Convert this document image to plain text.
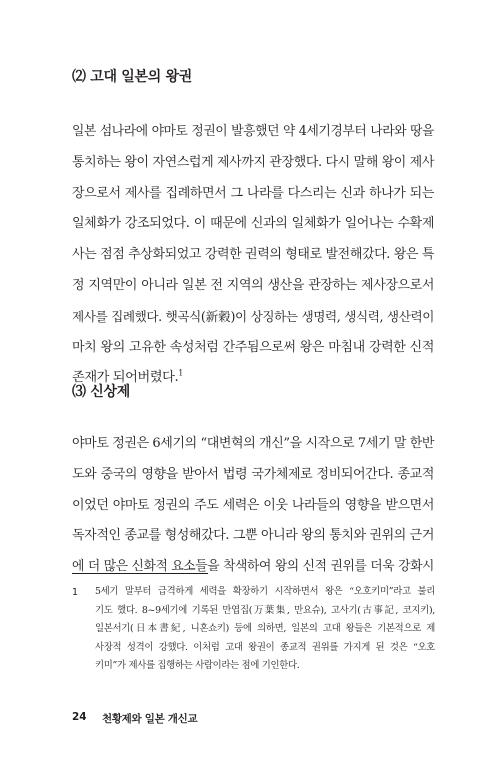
⑵ 고대 일본의 왕권
일본 섬나라에 야마토 정권이 발흥했던 약 4세기경부터 나라와 땅을
통치하는 왕이 자연스럽게 제사까지 관장했다. 다시 말해 왕이 제사
장으로서 제사를 집례하면서 그 나라를 다스리는 신과 하나가 되는
일체화가 강조되었다. 이 때문에 신과의 일체화가 일어나는 수확제
사는 점점 추상화되었고 강력한 권력의 형태로 발전해갔다. 왕은 특
정 지역만이 아니라 일본 전 지역의 생산을 관장하는 제사장으로서
제사를 집례했다. 햇곡식(新穀)이 상징하는 생명력, 생식력, 생산력이
마치 왕의 고유한 속성처럼 간주됨으로써 왕은 마침내 강력한 신적
존재가 되어버렸다.$^1$
⑶ 신상제
야마토 정권은 6세기의 “대변혁의 개신”을 시작으로 7세기 말 한반
도와 중국의 영향을 받아서 법령 국가체제로 정비되어간다. 종교적
이었던 야마토 정권의 주도 세력은 이웃 나라들의 영향을 받으면서
독자적인 종교를 형성해갔다. 그뿐 아니라 왕의 통치와 권위의 근거
에 더 많은 신화적 요소들을 착색하여 왕의 신적 권위를 더욱 강화시
1 5세기 말부터 급격하게 세력을 확장하기 시작하면서 왕은 “오호키미”라고 불리
기도 했다. 8~9세기에 기록된 만엽집(万葉集, 만요슈), 고사기(古事記, 코지키),
일본서기(日本書紀, 니혼쇼키) 등에 의하면, 일본의 고대 왕들은 기본적으로 제
사장적 성격이 강했다. 이처럼 고대 왕권이 종교적 권위를 가지게 된 것은 “오호
키미”가 제사를 집행하는 사람이라는 점에 기인한다.
24 천황제와 일본 개신교
